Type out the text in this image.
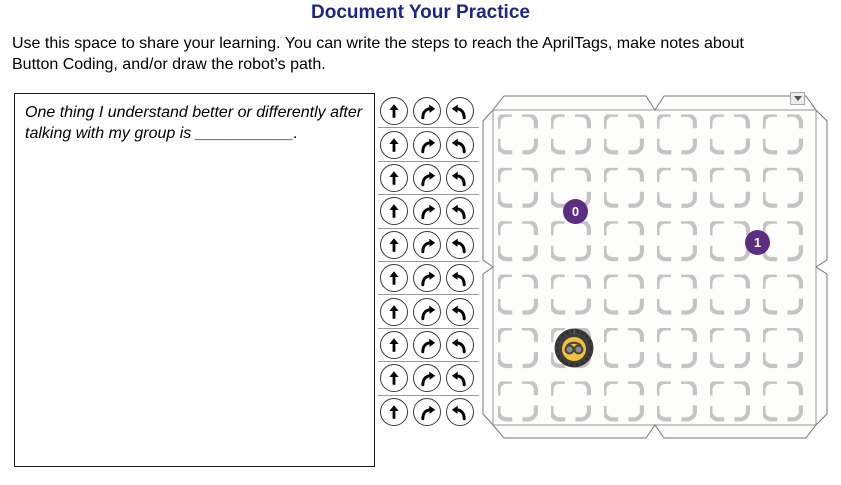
Document Your Practice

Use this space to share your learning. You can write the steps to reach the AprilTags, make notes about Button Coding, and/or draw the robot’s path.

One thing I understand better or differently after talking with my group is ___________.

0
1
